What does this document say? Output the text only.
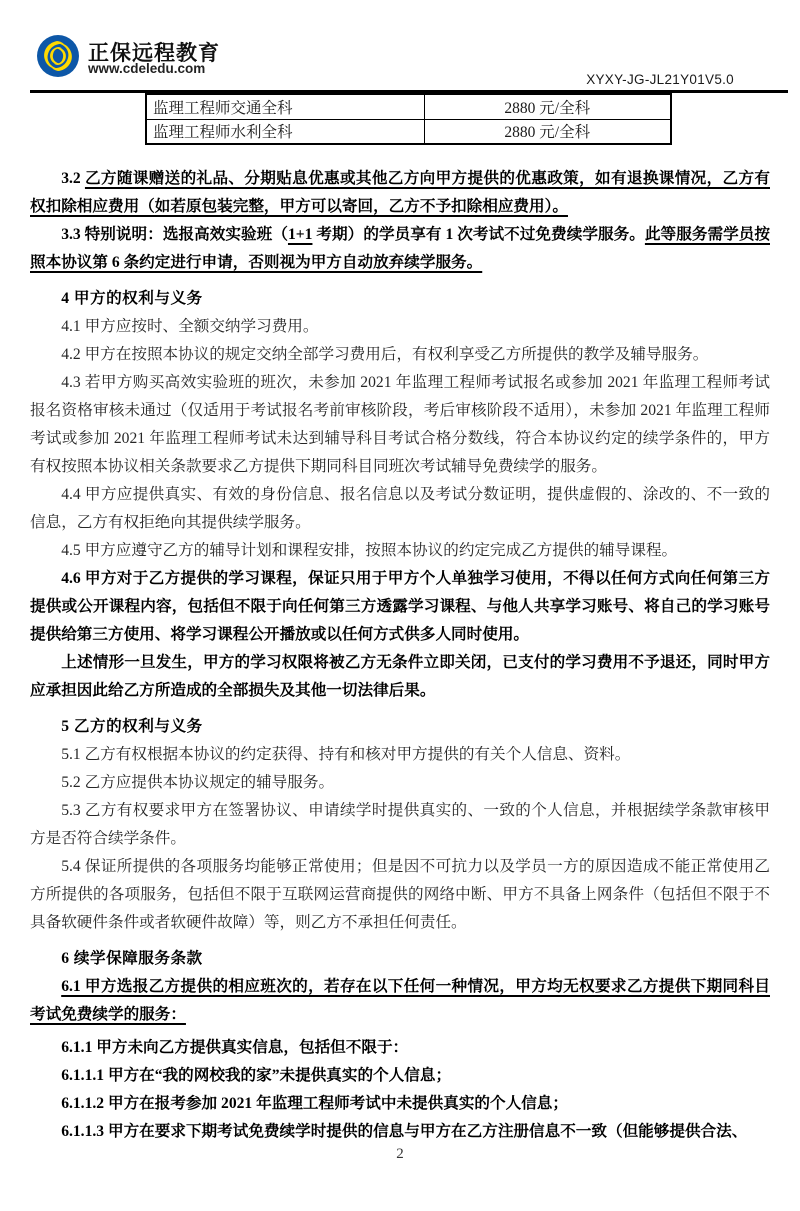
正保远程教育
www.cdeledu.com
XYXY-JG-JL21Y01V5.0
监理工程师交通全科	2880 元/全科
监理工程师水利全科	2880 元/全科

3.2 乙方随课赠送的礼品、分期贴息优惠或其他乙方向甲方提供的优惠政策，如有退换课情况，乙方有权扣除相应费用（如若原包装完整，甲方可以寄回，乙方不予扣除相应费用）。

3.3 特别说明：选报高效实验班（1+1 考期）的学员享有 1 次考试不过免费续学服务。此等服务需学员按照本协议第 6 条约定进行申请，否则视为甲方自动放弃续学服务。

4 甲方的权利与义务

4.1 甲方应按时、全额交纳学习费用。

4.2 甲方在按照本协议的规定交纳全部学习费用后，有权利享受乙方所提供的教学及辅导服务。

4.3 若甲方购买高效实验班的班次，未参加 2021 年监理工程师考试报名或参加 2021 年监理工程师考试报名资格审核未通过（仅适用于考试报名考前审核阶段，考后审核阶段不适用），未参加 2021 年监理工程师考试或参加 2021 年监理工程师考试未达到辅导科目考试合格分数线，符合本协议约定的续学条件的，甲方有权按照本协议相关条款要求乙方提供下期同科目同班次考试辅导免费续学的服务。

4.4 甲方应提供真实、有效的身份信息、报名信息以及考试分数证明，提供虚假的、涂改的、不一致的信息，乙方有权拒绝向其提供续学服务。

4.5 甲方应遵守乙方的辅导计划和课程安排，按照本协议的约定完成乙方提供的辅导课程。

4.6 甲方对于乙方提供的学习课程，保证只用于甲方个人单独学习使用，不得以任何方式向任何第三方提供或公开课程内容，包括但不限于向任何第三方透露学习课程、与他人共享学习账号、将自己的学习账号提供给第三方使用、将学习课程公开播放或以任何方式供多人同时使用。

上述情形一旦发生，甲方的学习权限将被乙方无条件立即关闭，已支付的学习费用不予退还，同时甲方应承担因此给乙方所造成的全部损失及其他一切法律后果。

5 乙方的权利与义务

5.1 乙方有权根据本协议的约定获得、持有和核对甲方提供的有关个人信息、资料。

5.2 乙方应提供本协议规定的辅导服务。

5.3 乙方有权要求甲方在签署协议、申请续学时提供真实的、一致的个人信息，并根据续学条款审核甲方是否符合续学条件。

5.4 保证所提供的各项服务均能够正常使用；但是因不可抗力以及学员一方的原因造成不能正常使用乙方所提供的各项服务，包括但不限于互联网运营商提供的网络中断、甲方不具备上网条件（包括但不限于不具备软硬件条件或者软硬件故障）等，则乙方不承担任何责任。

6 续学保障服务条款

6.1 甲方选报乙方提供的相应班次的，若存在以下任何一种情况，甲方均无权要求乙方提供下期同科目考试免费续学的服务：

6.1.1 甲方未向乙方提供真实信息，包括但不限于：

6.1.1.1 甲方在“我的网校我的家”未提供真实的个人信息；

6.1.1.2 甲方在报考参加 2021 年监理工程师考试中未提供真实的个人信息；

6.1.1.3 甲方在要求下期考试免费续学时提供的信息与甲方在乙方注册信息不一致（但能够提供合法、

2
